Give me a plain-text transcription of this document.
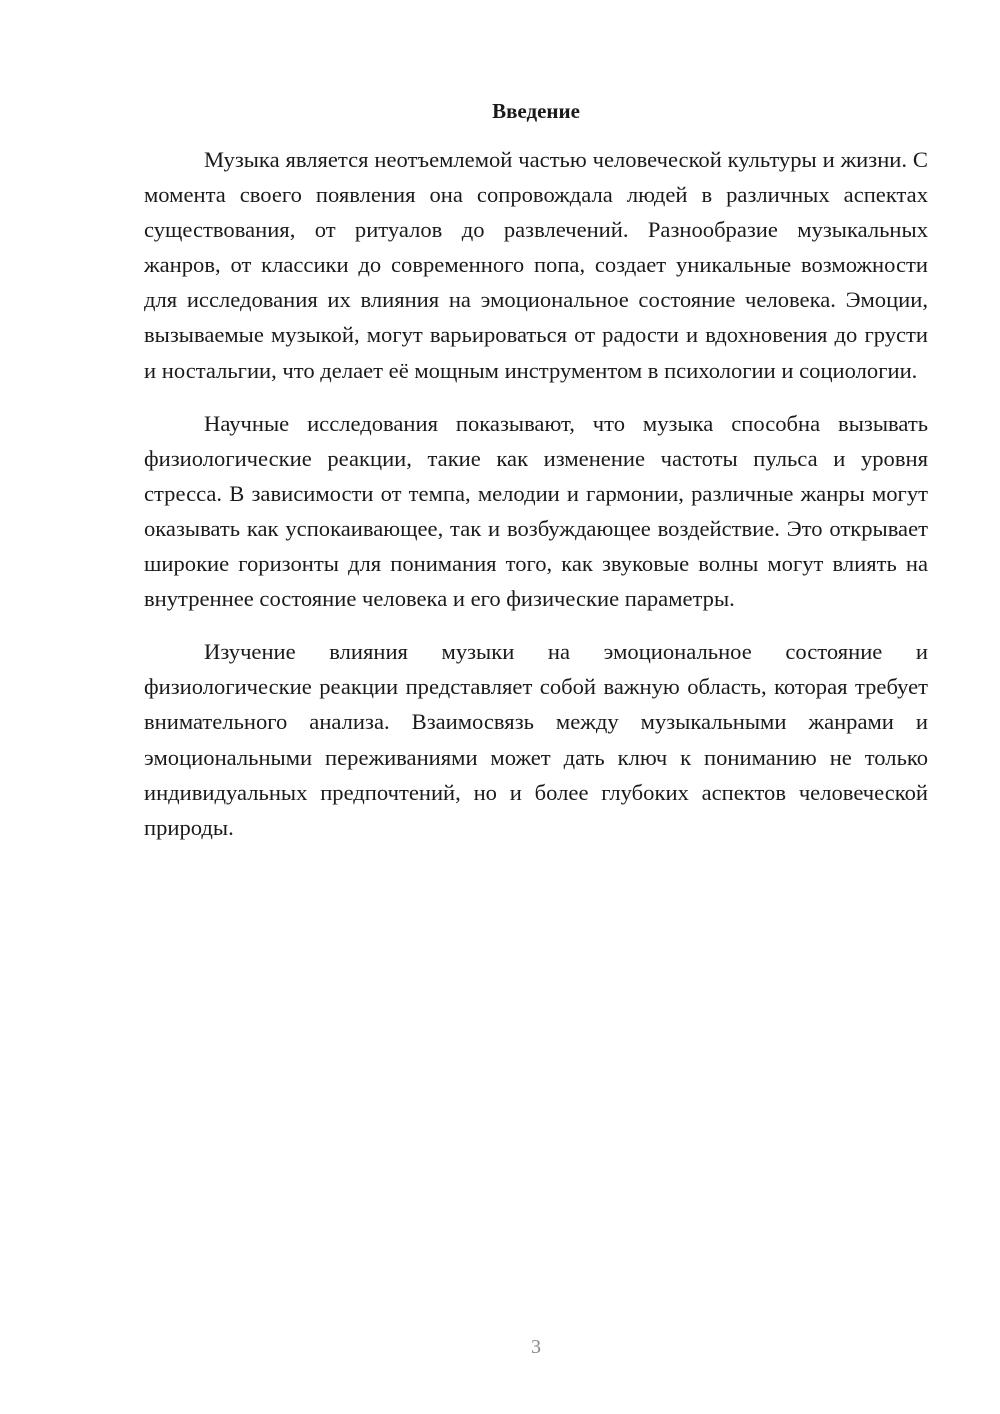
Введение

Музыка является неотъемлемой частью человеческой культуры и жизни. С момента своего появления она сопровождала людей в различных аспектах существования, от ритуалов до развлечений. Разнообразие музыкальных жанров, от классики до современного попа, создает уникальные возможности для исследования их влияния на эмоциональное состояние человека. Эмоции, вызываемые музыкой, могут варьироваться от радости и вдохновения до грусти и ностальгии, что делает её мощным инструментом в психологии и социологии.

Научные исследования показывают, что музыка способна вызывать физиологические реакции, такие как изменение частоты пульса и уровня стресса. В зависимости от темпа, мелодии и гармонии, различные жанры могут оказывать как успокаивающее, так и возбуждающее воздействие. Это открывает широкие горизонты для понимания того, как звуковые волны могут влиять на внутреннее состояние человека и его физические параметры.

Изучение влияния музыки на эмоциональное состояние и физиологические реакции представляет собой важную область, которая требует внимательного анализа. Взаимосвязь между музыкальными жанрами и эмоциональными переживаниями может дать ключ к пониманию не только индивидуальных предпочтений, но и более глубоких аспектов человеческой природы.

3
